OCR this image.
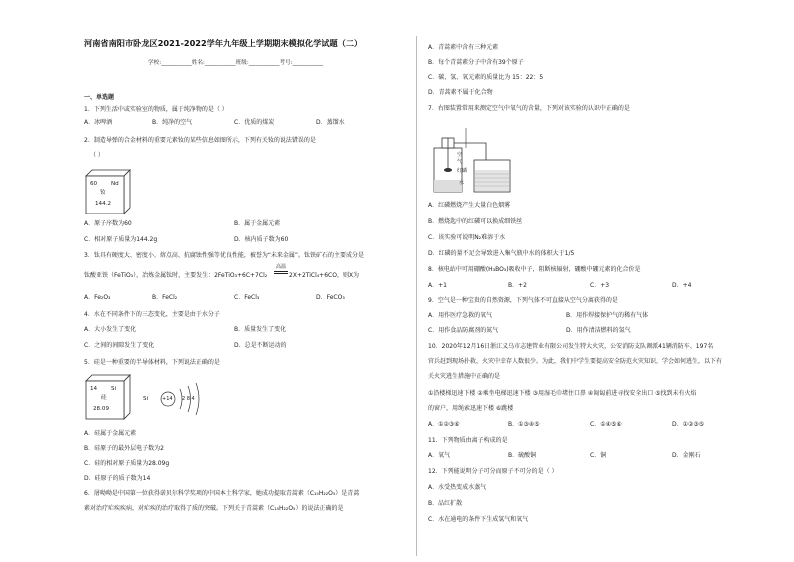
河南省南阳市卧龙区2021-2022学年九年级上学期期末模拟化学试题（二）
学校:___________姓名:___________班级:___________考号:___________
一、单选题
1．下列生活中或实验室的物质，属于纯净物的是（ ）
A．冰啤酒	B．纯净的空气	C．优质的煤炭	D．蒸馏水
2．制造导弹的合金材料的重要元素钕的某些信息如图所示，下列有关钕的说法错误的是
（ ）
60 Nd
钕
144.2
A．原子序数为60	B．属于金属元素
C．相对原子质量为144.2g	D．核内质子数为60
3．钛具有硬度大、密度小、熔点高、抗腐蚀性强等优良性能，被誉为“未来金属”。钛铁矿石的主要成分是
钛酸亚铁（FeTiO₃），冶炼金属钛时，主要发生：2FeTiO₃+6C+7Cl₂
高温
2X+2TiCl₄+6CO，则X为
A．Fe₂O₃	B．FeCl₂	C．FeCl₃	D．FeCO₃
4．水在不同条件下的三态变化，主要是由于水分子
A．大小发生了变化	B．质量发生了变化
C．之间的间隙发生了变化	D．总是不断运动的
5．硅是一种重要的半导体材料，下列说法正确的是
14 Si
硅
28.09
Si	+14 2 8 4
A．硅属于金属元素
B．硅原子的最外层电子数为2
C．硅的相对原子质量为28.09g
D．硅原子的质子数为14
6．屠呦呦是中国第一位获得诺贝尔科学奖项的中国本土科学家，她成功提取青蒿素（C₁₅H₂₂O₅）是青蒿
素对治疗疟疾疾病，对疟疾的治疗取得了质的突破。下列关于青蒿素（C₁₅H₂₂O₅）的说法正确的是
A．青蒿素中含有三种元素
B．每个青蒿素分子中含有39个原子
C．碳、氢、氧元素的质量比为 15：22：5
D．青蒿素不属于化合物
7．右图装置常用来测定空气中氧气的含量，下列对该实验的认识中正确的是
空
气
红磷
水
A．红磷燃烧产生大量白色烟雾
B．燃烧匙中的红磷可以换成细铁丝
C．该实验可说明N₂难溶于水
D．红磷的量不足会导致进入集气瓶中水的体积大于1/5
8．核电站中可用硼酸(H₃BO₃)吸收中子，阻断核辐射，硼酸中硼元素的化合价是
A．+1	B．+2	C．+3	D．+4
9．空气是一种宝贵的自然资源，下列气体不可直接从空气分离获得的是
A．用作医疗急救的氧气	B．用作焊接保护气的稀有气体
C．用作食品防腐剂的氮气	D．用作清洁燃料的氢气
10．2020年12月16日浙江义乌市志建管业有限公司发生特大火灾，公安消防支队调派41辆消防车、197名
官兵赶到现场扑救，火灾中幸存人数很少。为此，我们中学生要提高安全防范火灾知识，学会如何逃生，以下有
关火灾逃生措施中正确的是
①沿楼梯迅速下楼 ②乘坐电梯迅速下楼 ③用湿毛巾堵住口鼻 ④匍匐前进寻找安全出口 ⑤找到未有火焰
的窗户，用绳索迅速下楼 ⑥跳楼
A．①②③⑥	B．①③④⑤	C．①④⑤⑥	D．①②③⑤
11．下列物质由离子构成的是
A．氧气	B．硫酸铜	C．铜	D．金刚石
12．下列能说明分子可分而原子不可分的是（ ）
A．水受热变成水蒸气
B．品红扩散
C．水在通电的条件下生成氢气和氧气
